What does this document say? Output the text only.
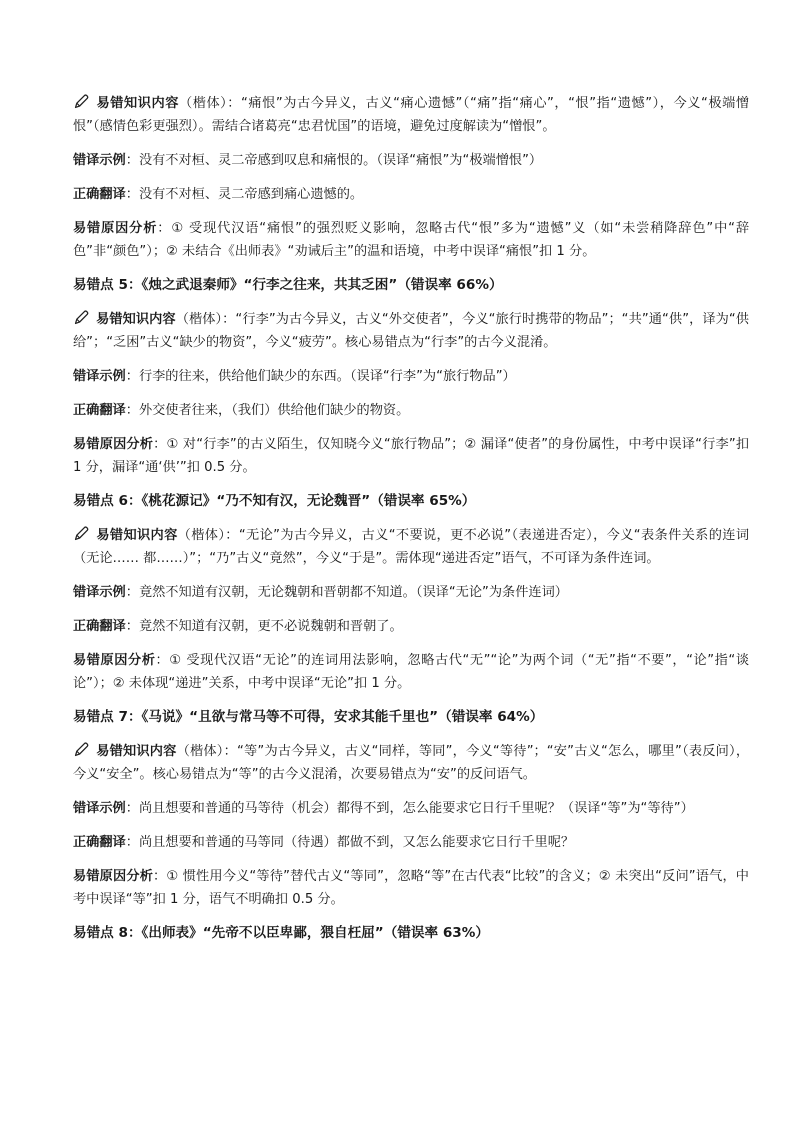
易错知识内容（楷体）：“痛恨”为古今异义，古义“痛心遗憾”（“痛”指“痛心”，“恨”指“遗憾”），今义“极端憎恨”（感情色彩更强烈）。需结合诸葛亮“忠君忧国”的语境，避免过度解读为“憎恨”。

错译示例：没有不对桓、灵二帝感到叹息和痛恨的。（误译“痛恨”为“极端憎恨”）

正确翻译：没有不对桓、灵二帝感到痛心遗憾的。

易错原因分析：① 受现代汉语“痛恨”的强烈贬义影响，忽略古代“恨”多为“遗憾”义（如“未尝稍降辞色”中“辞色”非“颜色”）；② 未结合《出师表》“劝诫后主”的温和语境，中考中误译“痛恨”扣 1 分。

易错点 5：《烛之武退秦师》“行李之往来，共其乏困”（错误率 66%）

易错知识内容（楷体）：“行李”为古今异义，古义“外交使者”，今义“旅行时携带的物品”；“共”通“供”，译为“供给”；“乏困”古义“缺少的物资”，今义“疲劳”。核心易错点为“行李”的古今义混淆。

错译示例：行李的往来，供给他们缺少的东西。（误译“行李”为“旅行物品”）

正确翻译：外交使者往来，（我们）供给他们缺少的物资。

易错原因分析：① 对“行李”的古义陌生，仅知晓今义“旅行物品”；② 漏译“使者”的身份属性，中考中误译“行李”扣 1 分，漏译“通‘供’”扣 0.5 分。

易错点 6：《桃花源记》“乃不知有汉，无论魏晋”（错误率 65%）

易错知识内容（楷体）：“无论”为古今异义，古义“不要说，更不必说”（表递进否定），今义“表条件关系的连词（无论…… 都……）”；“乃”古义“竟然”，今义“于是”。需体现“递进否定”语气，不可译为条件连词。

错译示例：竟然不知道有汉朝，无论魏朝和晋朝都不知道。（误译“无论”为条件连词）

正确翻译：竟然不知道有汉朝，更不必说魏朝和晋朝了。

易错原因分析：① 受现代汉语“无论”的连词用法影响，忽略古代“无”“论”为两个词（“无”指“不要”，“论”指“谈论”）；② 未体现“递进”关系，中考中误译“无论”扣 1 分。

易错点 7：《马说》“且欲与常马等不可得，安求其能千里也”（错误率 64%）

易错知识内容（楷体）：“等”为古今异义，古义“同样，等同”，今义“等待”；“安”古义“怎么，哪里”（表反问），今义“安全”。核心易错点为“等”的古今义混淆，次要易错点为“安”的反问语气。

错译示例：尚且想要和普通的马等待（机会）都得不到，怎么能要求它日行千里呢？（误译“等”为“等待”）

正确翻译：尚且想要和普通的马等同（待遇）都做不到，又怎么能要求它日行千里呢？

易错原因分析：① 惯性用今义“等待”替代古义“等同”，忽略“等”在古代表“比较”的含义；② 未突出“反问”语气，中考中误译“等”扣 1 分，语气不明确扣 0.5 分。

易错点 8：《出师表》“先帝不以臣卑鄙，猥自枉屈”（错误率 63%）
